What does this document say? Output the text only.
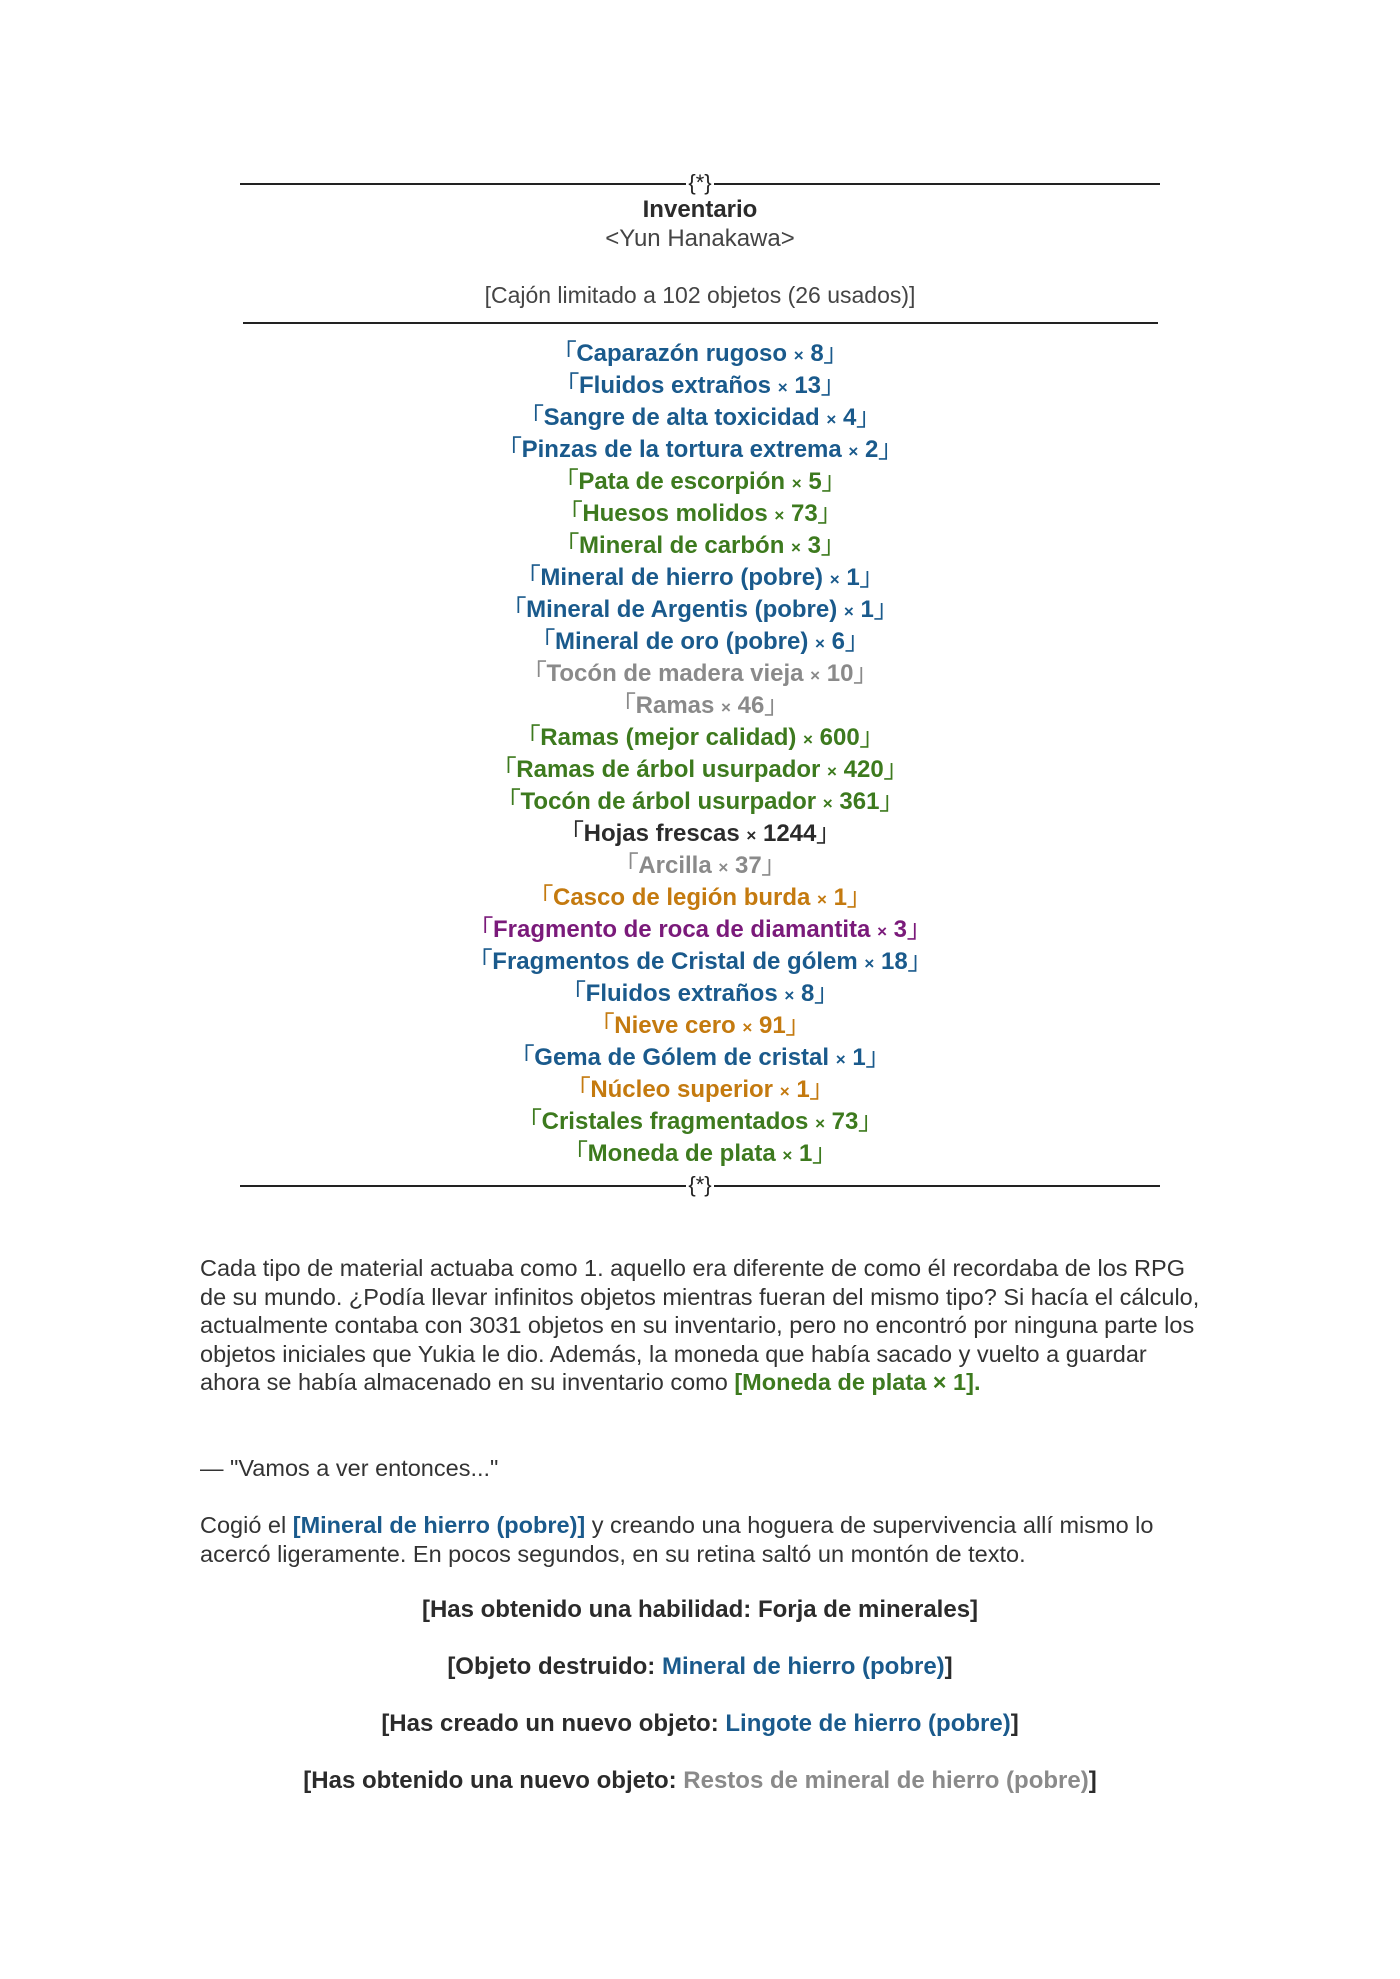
{*}
Inventario
<Yun Hanakawa>
[Cajón limitado a 102 objetos (26 usados)]
「Caparazón rugoso × 8」
「Fluidos extraños × 13」
「Sangre de alta toxicidad × 4」
「Pinzas de la tortura extrema × 2」
「Pata de escorpión × 5」
「Huesos molidos × 73」
「Mineral de carbón × 3」
「Mineral de hierro (pobre) × 1」
「Mineral de Argentis (pobre) × 1」
「Mineral de oro (pobre) × 6」
「Tocón de madera vieja × 10」
「Ramas × 46」
「Ramas (mejor calidad) × 600」
「Ramas de árbol usurpador × 420」
「Tocón de árbol usurpador × 361」
「Hojas frescas × 1244」
「Arcilla × 37」
「Casco de legión burda × 1」
「Fragmento de roca de diamantita × 3」
「Fragmentos de Cristal de gólem × 18」
「Fluidos extraños × 8」
「Nieve cero × 91」
「Gema de Gólem de cristal × 1」
「Núcleo superior × 1」
「Cristales fragmentados × 73」
「Moneda de plata × 1」
{*}

Cada tipo de material actuaba como 1. aquello era diferente de como él recordaba de los RPG de su mundo. ¿Podía llevar infinitos objetos mientras fueran del mismo tipo? Si hacía el cálculo, actualmente contaba con 3031 objetos en su inventario, pero no encontró por ninguna parte los objetos iniciales que Yukia le dio. Además, la moneda que había sacado y vuelto a guardar ahora se había almacenado en su inventario como [Moneda de plata × 1].

— "Vamos a ver entonces..."

Cogió el [Mineral de hierro (pobre)] y creando una hoguera de supervivencia allí mismo lo acercó ligeramente. En pocos segundos, en su retina saltó un montón de texto.

[Has obtenido una habilidad: Forja de minerales]

[Objeto destruido: Mineral de hierro (pobre)]

[Has creado un nuevo objeto: Lingote de hierro (pobre)]

[Has obtenido una nuevo objeto: Restos de mineral de hierro (pobre)]
